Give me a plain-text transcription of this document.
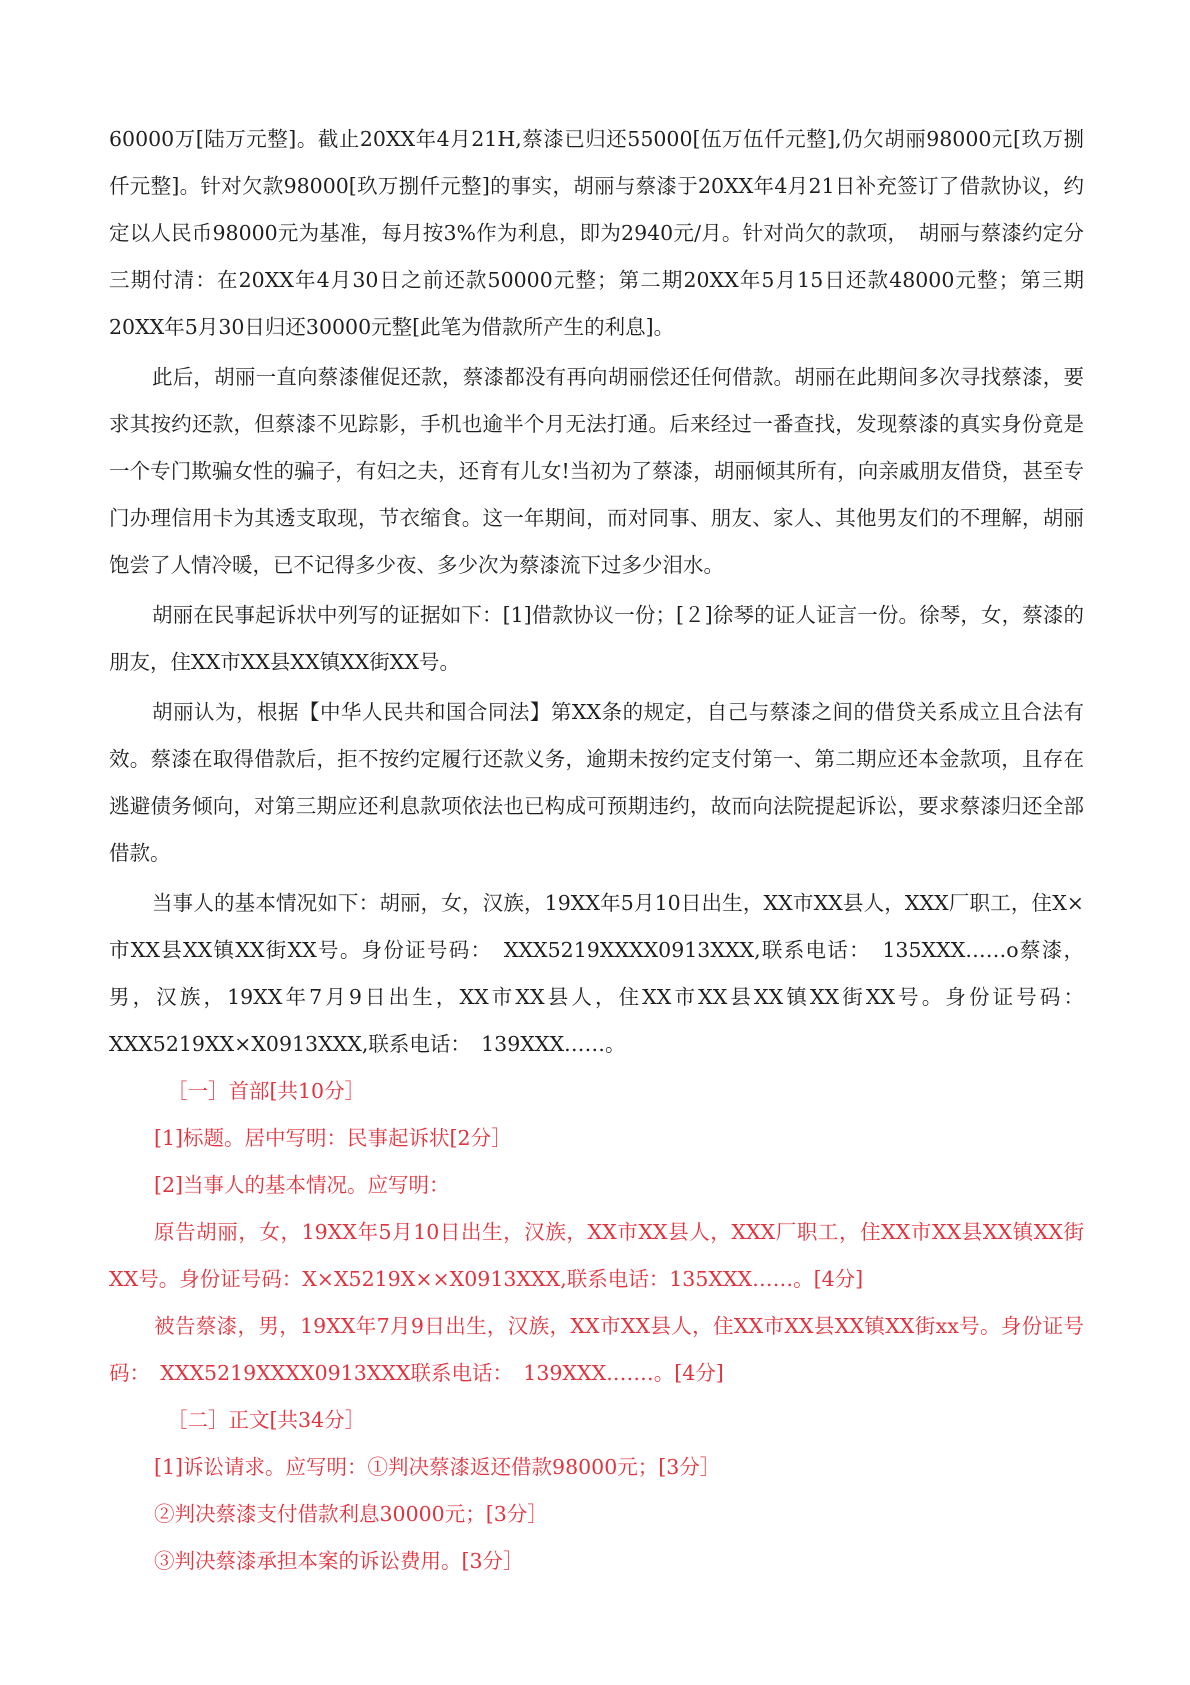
60000万[陆万元整]。截止20XX年4月21H,蔡漆已归还55000[伍万伍仟元整],仍欠胡丽98000元[玖万捌仟元整]。针对欠款98000[玖万捌仟元整]的事实，胡丽与蔡漆于20XX年4月21日补充签订了借款协议，约定以人民币98000元为基准，每月按3%作为利息，即为2940元/月。针对尚欠的款项，　胡丽与蔡漆约定分三期付清：在20XX年4月30日之前还款50000元整；第二期20XX年5月15日还款48000元整；第三期20XX年5月30日归还30000元整[此笔为借款所产生的利息]。

此后，胡丽一直向蔡漆催促还款，蔡漆都没有再向胡丽偿还任何借款。胡丽在此期间多次寻找蔡漆，要求其按约还款，但蔡漆不见踪影，手机也逾半个月无法打通。后来经过一番查找，发现蔡漆的真实身份竟是一个专门欺骗女性的骗子，有妇之夫，还育有儿女!当初为了蔡漆，胡丽倾其所有，向亲戚朋友借贷，甚至专门办理信用卡为其透支取现，节衣缩食。这一年期间，而对同事、朋友、家人、其他男友们的不理解，胡丽饱尝了人情冷暖，已不记得多少夜、多少次为蔡漆流下过多少泪水。

胡丽在民事起诉状中列写的证据如下：[1]借款协议一份；[２]徐琴的证人证言一份。徐琴，女，蔡漆的朋友，住XX市XX县XX镇XX街XX号。

胡丽认为，根据【中华人民共和国合同法】第XX条的规定，自己与蔡漆之间的借贷关系成立且合法有效。蔡漆在取得借款后，拒不按约定履行还款义务，逾期未按约定支付第一、第二期应还本金款项，且存在逃避债务倾向，对第三期应还利息款项依法也已构成可预期违约，故而向法院提起诉讼，要求蔡漆归还全部借款。

当事人的基本情况如下：胡丽，女，汉族，19XX年5月10日出生，XX市XX县人，XXX厂职工，住X×市XX县XX镇XX街XX号。身份证号码：　XXX5219XXXX0913XXX,联系电话：　135XXX……o蔡漆，男，汉族，19XX年7月9日出生，XX市XX县人，住XX市XX县XX镇XX街XX号。身份证号码：XXX5219XX×X0913XXX,联系电话：　139XXX……。

［一］首部[共10分］

[1]标题。居中写明：民事起诉状[2分］

[2]当事人的基本情况。应写明：

原告胡丽，女，19XX年5月10日出生，汉族，XX市XX县人，XXX厂职工，住XX市XX县XX镇XX街XX号。身份证号码：X×X5219X××X0913XXX,联系电话：135XXX……。[4分]

被告蔡漆，男，19XX年7月9日出生，汉族，XX市XX县人，住XX市XX县XX镇XX街xx号。身份证号码：　XXX5219XXXX0913XXX联系电话：　139XXX.……。[4分]

［二］正文[共34分］

[1]诉讼请求。应写明：①判决蔡漆返还借款98000元；[3分］

②判决蔡漆支付借款利息30000元；[3分］

③判决蔡漆承担本案的诉讼费用。[3分］
